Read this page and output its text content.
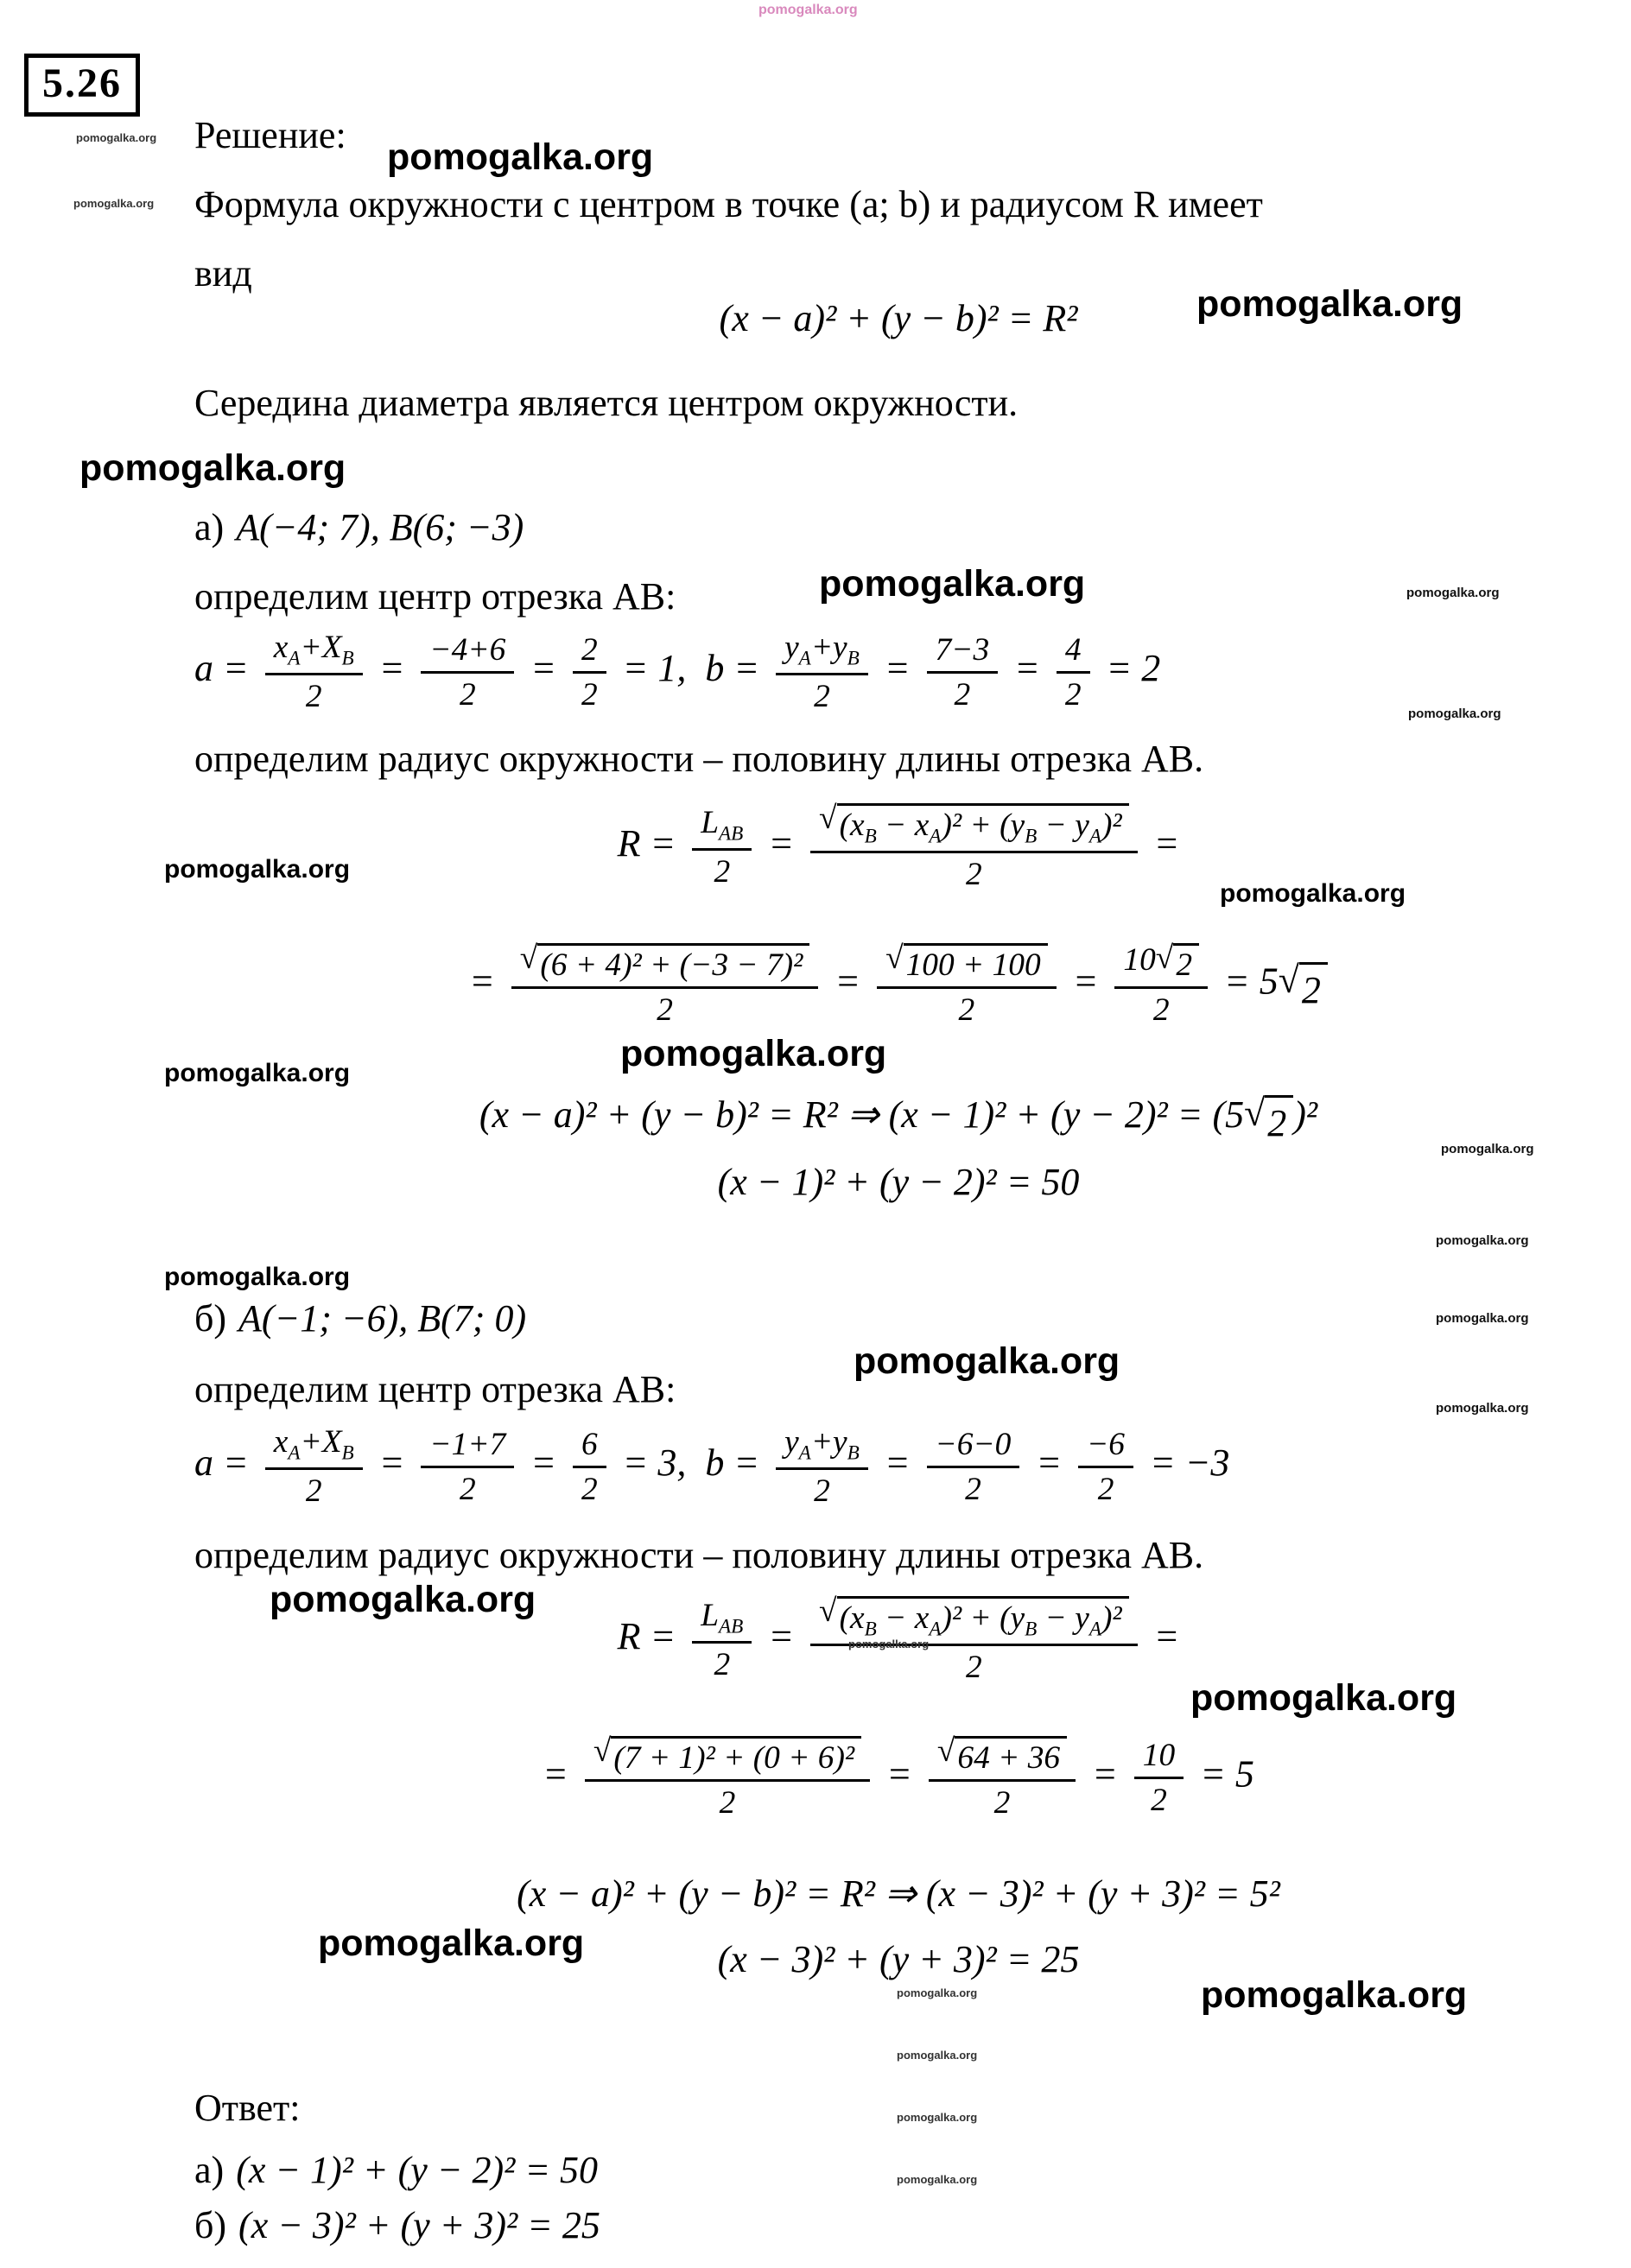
5.26
pomogalka.org
pomogalka.org
pomogalka.org
pomogalka.org
pomogalka.org
pomogalka.org
pomogalka.org	pomogalka.org
pomogalka.org
pomogalka.org
pomogalka.org
pomogalka.org
pomogalka.org
pomogalka.org
pomogalka.org
pomogalka.org
pomogalka.org
pomogalka.org
pomogalka.org
pomogalka.org
pomogalka.org
pomogalka.org
pomogalka.org
pomogalka.org
pomogalka.org
pomogalka.org
pomogalka.org
pomogalka.org
Решение:
Формула окружности с центром в точке (a; b) и радиусом R имеет
вид
(x − a)² + (y − b)² = R²
Середина диаметра является центром окружности.
а) A(−4; 7), B(6; −3)
определим центр отрезка AB:
$a = \frac{x_A+X_B}{2} = \frac{-4+6}{2} = \frac{2}{2} = 1$,  $b = \frac{y_A+y_B}{2} = \frac{7-3}{2} = \frac{4}{2} = 2$
определим радиус окружности – половину длины отрезка AB.
$R = \frac{L_{AB}}{2} = \frac{√ (x_B - x_A)^2 + (y_B - y_A)^2}{2}$ =
= $\frac{\text{√ (6 + 4)² + (−3 − 7)²}}{2} = \frac{√ 100 + 100}{2} = \frac{10 √ 2}{2} = 5$ √ 2
(x − a)² + (y − b)² = R² ⇒ (x − 1)² + (y − 2)² = (5 √ 2 )²
(x − 1)² + (y − 2)² = 50
б) A(−1; −6), B(7; 0)
определим центр отрезка AB:
$a = \frac{x_A+X_B}{2} = \frac{-1+7}{2} = \frac{6}{2} = 3$,  $b = \frac{y_A+y_B}{2} = \frac{-6-0}{2} = \frac{-6}{2} = -3$
определим радиус окружности – половину длины отрезка AB.
$R = \frac{L_{AB}}{2} = \frac{√ (x_B - x_A)^2 + (y_B - y_A)^2}{2}$ =
= $\frac{\text{√ (7 + 1)² + (0 + 6)²}}{2} = \frac{√ 64 + 36}{2} = \frac{10}{2} = 5$
(x − a)² + (y − b)² = R² ⇒ (x − 3)² + (y + 3)² = 5²
(x − 3)² + (y + 3)² = 25
Ответ:
а) (x − 1)² + (y − 2)² = 50
б) (x − 3)² + (y + 3)² = 25
